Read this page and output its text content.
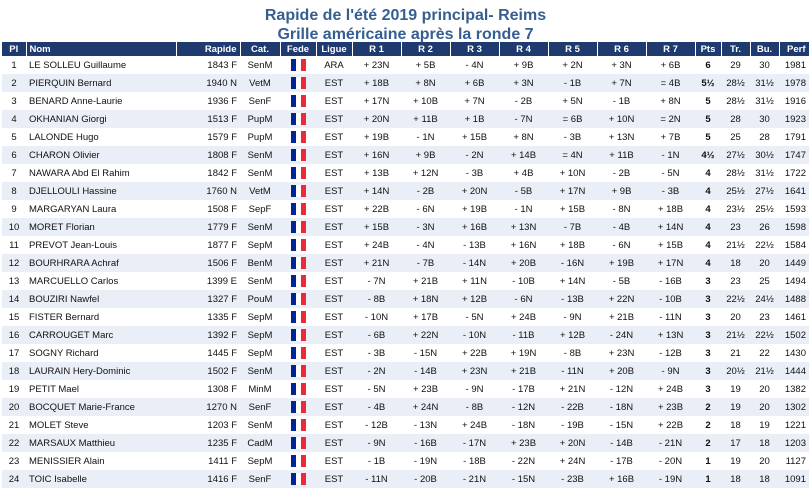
Rapide de l'été 2019 principal- Reims
Grille américaine après la ronde 7
Pl	Nom	Rapide	Cat.	Fede	Ligue	R 1	R 2	R 3	R 4	R 5	R 6	R 7	Pts	Tr.	Bu.	Perf
1	LE SOLLEU Guillaume	1843 F	SenM		ARA	+ 23N	+ 5B	- 4N	+ 9B	+ 2N	+ 3N	+ 6B	6	29	30	1981
2	PIERQUIN Bernard	1940 N	VetM		EST	+ 18B	+ 8N	+ 6B	+ 3N	- 1B	+ 7N	= 4B	5½	28½	31½	1978
3	BENARD Anne-Laurie	1936 F	SenF		EST	+ 17N	+ 10B	+ 7N	- 2B	+ 5N	- 1B	+ 8N	5	28½	31½	1916
4	OKHANIAN Giorgi	1513 F	PupM		EST	+ 20N	+ 11B	+ 1B	- 7N	= 6B	+ 10N	= 2N	5	28	30	1923
5	LALONDE Hugo	1579 F	PupM		EST	+ 19B	- 1N	+ 15B	+ 8N	- 3B	+ 13N	+ 7B	5	25	28	1791
6	CHARON Olivier	1808 F	SenM		EST	+ 16N	+ 9B	- 2N	+ 14B	= 4N	+ 11B	- 1N	4½	27½	30½	1747
7	NAWARA Abd El Rahim	1842 F	SenM		EST	+ 13B	+ 12N	- 3B	+ 4B	+ 10N	- 2B	- 5N	4	28½	31½	1722
8	DJELLOULI Hassine	1760 N	VetM		EST	+ 14N	- 2B	+ 20N	- 5B	+ 17N	+ 9B	- 3B	4	25½	27½	1641
9	MARGARYAN Laura	1508 F	SepF		EST	+ 22B	- 6N	+ 19B	- 1N	+ 15B	- 8N	+ 18B	4	23½	25½	1593
10	MORET Florian	1779 F	SenM		EST	+ 15B	- 3N	+ 16B	+ 13N	- 7B	- 4B	+ 14N	4	23	26	1598
11	PREVOT Jean-Louis	1877 F	SepM		EST	+ 24B	- 4N	- 13B	+ 16N	+ 18B	- 6N	+ 15B	4	21½	22½	1584
12	BOURHRARA Achraf	1506 F	BenM		EST	+ 21N	- 7B	- 14N	+ 20B	- 16N	+ 19B	+ 17N	4	18	20	1449
13	MARCUELLO Carlos	1399 E	SenM		EST	- 7N	+ 21B	+ 11N	- 10B	+ 14N	- 5B	- 16B	3	23	25	1494
14	BOUZIRI Nawfel	1327 F	PouM		EST	- 8B	+ 18N	+ 12B	- 6N	- 13B	+ 22N	- 10B	3	22½	24½	1488
15	FISTER Bernard	1335 F	SepM		EST	- 10N	+ 17B	- 5N	+ 24B	- 9N	+ 21B	- 11N	3	20	23	1461
16	CARROUGET Marc	1392 F	SepM		EST	- 6B	+ 22N	- 10N	- 11B	+ 12B	- 24N	+ 13N	3	21½	22½	1502
17	SOGNY Richard	1445 F	SepM		EST	- 3B	- 15N	+ 22B	+ 19N	- 8B	+ 23N	- 12B	3	21	22	1430
18	LAURAIN Hery-Dominic	1502 F	SenM		EST	- 2N	- 14B	+ 23N	+ 21B	- 11N	+ 20B	- 9N	3	20½	21½	1444
19	PETIT Mael	1308 F	MinM		EST	- 5N	+ 23B	- 9N	- 17B	+ 21N	- 12N	+ 24B	3	19	20	1382
20	BOCQUET Marie-France	1270 N	SenF		EST	- 4B	+ 24N	- 8B	- 12N	- 22B	- 18N	+ 23B	2	19	20	1302
21	MOLET Steve	1203 F	SenM		EST	- 12B	- 13N	+ 24B	- 18N	- 19B	- 15N	+ 22B	2	18	19	1221
22	MARSAUX Matthieu	1235 F	CadM		EST	- 9N	- 16B	- 17N	+ 23B	+ 20N	- 14B	- 21N	2	17	18	1203
23	MENISSIER Alain	1411 F	SepM		EST	- 1B	- 19N	- 18B	- 22N	+ 24N	- 17B	- 20N	1	19	20	1127
24	TOIC Isabelle	1416 F	SenF		EST	- 11N	- 20B	- 21N	- 15N	- 23B	+ 16B	- 19N	1	18	18	1091
